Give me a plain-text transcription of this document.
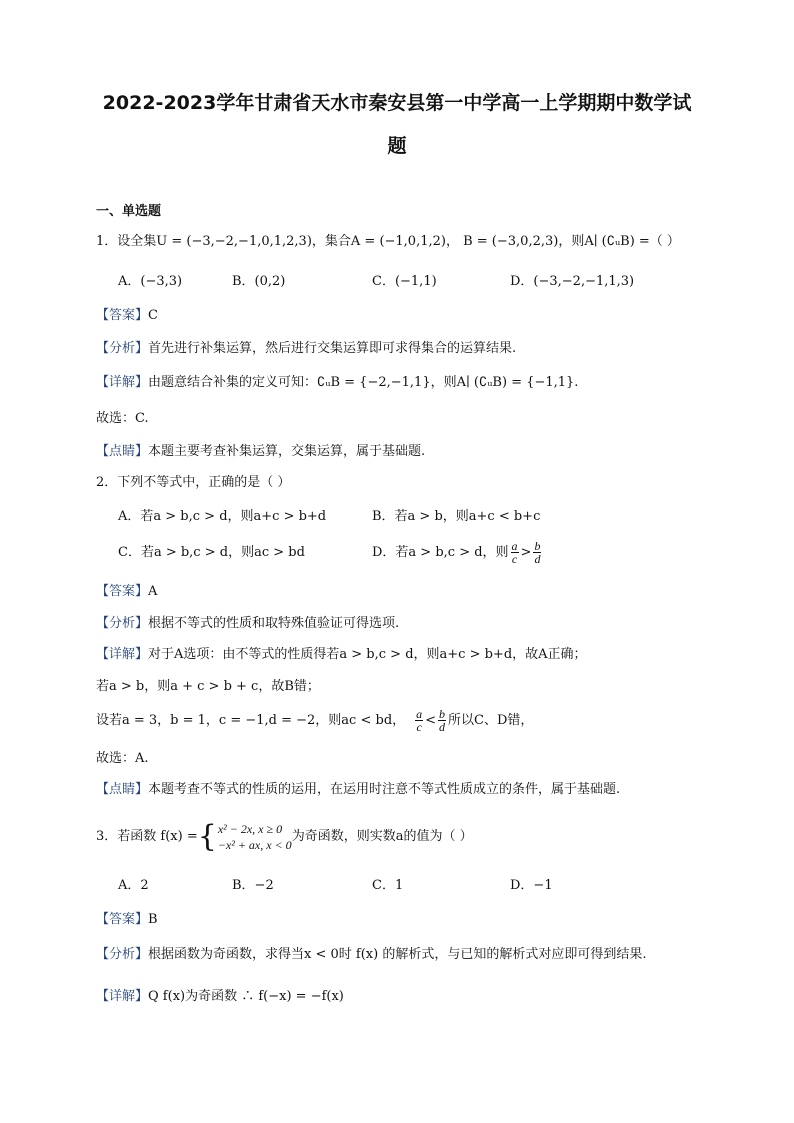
2022-2023学年甘肃省天水市秦安县第一中学高一上学期期中数学试
题
一、单选题
1．设全集U = (−3,−2,−1,0,1,2,3)，集合A = (−1,0,1,2)， B = (−3,0,2,3)，则A∣ (∁ᵤB) =（ ）
A．(−3,3)	B．(0,2)	C．(−1,1)	D．(−3,−2,−1,1,3)
【答案】C
【分析】首先进行补集运算，然后进行交集运算即可求得集合的运算结果.
【详解】由题意结合补集的定义可知：∁ᵤB = {−2,−1,1}，则A∣ (∁ᵤB) = {−1,1}.
故选：C.
【点睛】本题主要考查补集运算，交集运算，属于基础题.
2．下列不等式中，正确的是（ ）
A．若a > b,c > d，则a+c > b+d	B．若a > b，则a+c < b+c
C．若a > b,c > d，则ac > bd	D．若a > b,c > d，则 $\frac{a}{c} > \frac{b}{d}$
【答案】A
【分析】根据不等式的性质和取特殊值验证可得选项.
【详解】对于A选项：由不等式的性质得若a > b,c > d，则a+c > b+d，故A正确；
若a > b，则a + c > b + c，故B错；
设若a = 3，b = 1，c = −1,d = −2，则ac < bd， $\frac{a}{c} < \frac{b}{d}$ 所以C、D错，
故选：A.
【点睛】本题考查不等式的性质的运用，在运用时注意不等式性质成立的条件，属于基础题.
3．若函数 f(x) ={ x² − 2x, x ≥ 0
−x² + ax, x < 0
为奇函数，则实数a的值为（ ）
A．2	B．−2	C．1	D．−1
【答案】B
【分析】根据函数为奇函数，求得当x < 0时 f(x) 的解析式，与已知的解析式对应即可得到结果.
【详解】Q f(x)为奇函数 ∴ f(−x) = −f(x)
